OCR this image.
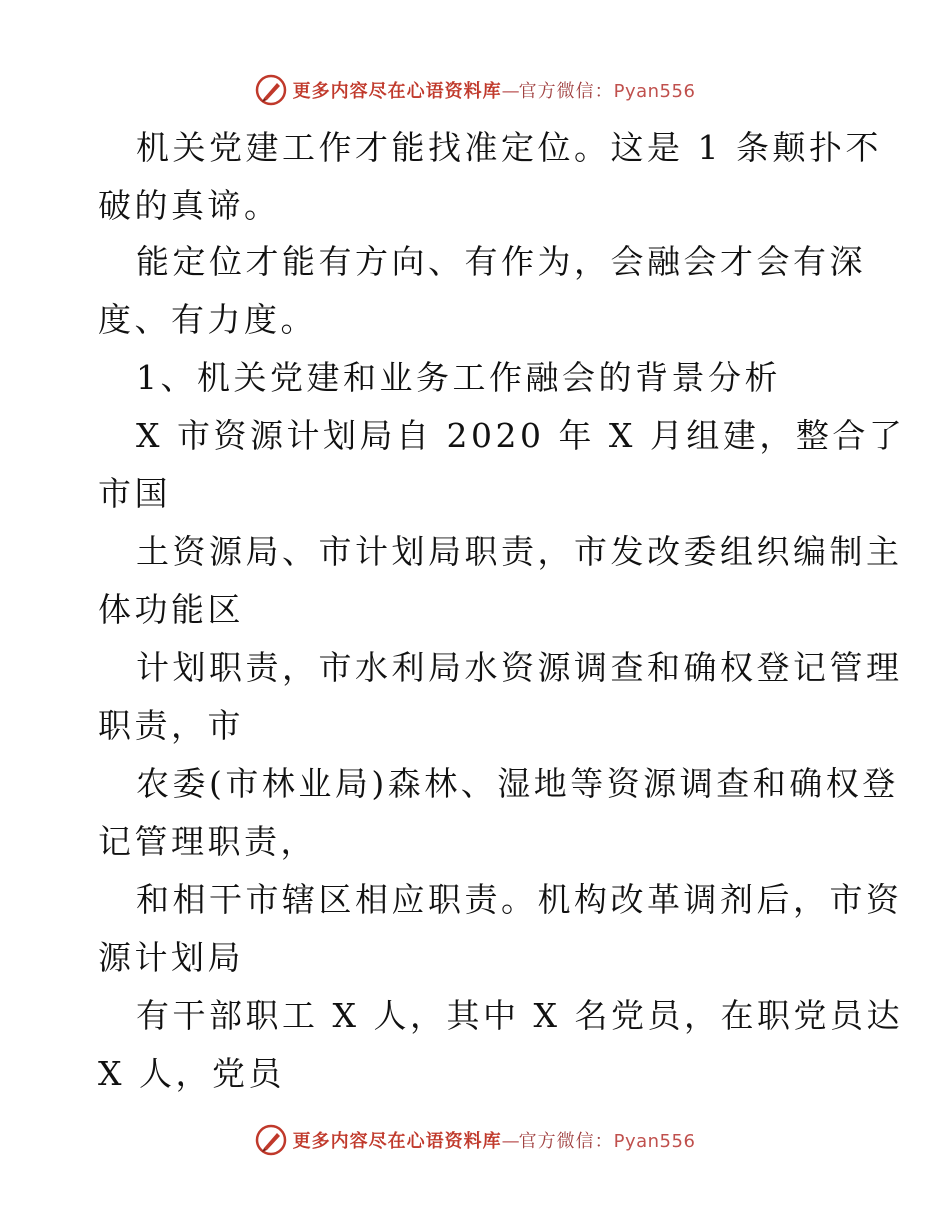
更多内容尽在心语资料库—官方微信：Pyan556
机关党建工作才能找准定位。这是 1 条颠扑不
破的真谛。
能定位才能有方向、有作为，会融会才会有深
度、有力度。
1、机关党建和业务工作融会的背景分析
X 市资源计划局自 2020 年 X 月组建，整合了
市国
土资源局、市计划局职责，市发改委组织编制主
体功能区
计划职责，市水利局水资源调查和确权登记管理
职责，市
农委(市林业局)森林、湿地等资源调查和确权登
记管理职责，
和相干市辖区相应职责。机构改革调剂后，市资
源计划局
有干部职工 X 人，其中 X 名党员，在职党员达
X 人，党员
更多内容尽在心语资料库—官方微信：Pyan556
